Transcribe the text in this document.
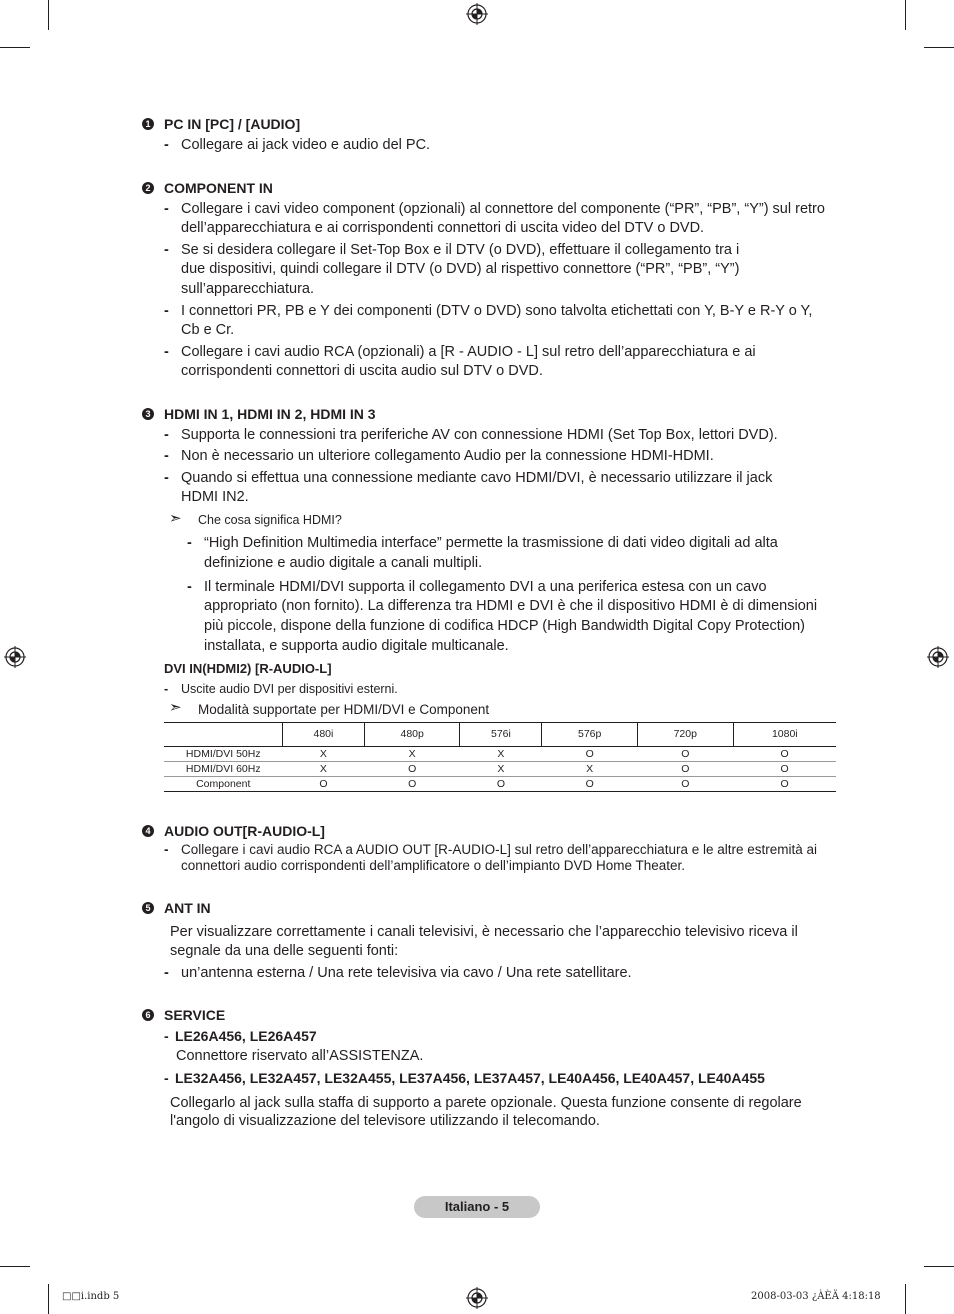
1 PC IN [PC] / [AUDIO]
- Collegare ai jack video e audio del PC.
2 COMPONENT IN
- Collegare i cavi video component (opzionali) al connettore del componente (“PR”, “PB”, “Y”) sul retro
dell’apparecchiatura e ai corrispondenti connettori di uscita video del DTV o DVD.
- Se si desidera collegare il Set-Top Box e il DTV (o DVD), effettuare il collegamento tra i
due dispositivi, quindi collegare il DTV (o DVD) al rispettivo connettore (“PR”, “PB”, “Y”)
sull’apparecchiatura.
- I connettori PR, PB e Y dei componenti (DTV o DVD) sono talvolta etichettati con Y, B-Y e R-Y o Y,
Cb e Cr.
- Collegare i cavi audio RCA (opzionali) a [R - AUDIO - L] sul retro dell’apparecchiatura e ai
corrispondenti connettori di uscita audio sul DTV o DVD.
3 HDMI IN 1, HDMI IN 2, HDMI IN 3
- Supporta le connessioni tra periferiche AV con connessione HDMI (Set Top Box, lettori DVD).
- Non è necessario un ulteriore collegamento Audio per la connessione HDMI-HDMI.
- Quando si effettua una connessione mediante cavo HDMI/DVI, è necessario utilizzare il jack
HDMI IN2.
➣ Che cosa significa HDMI?
- “High Definition Multimedia interface” permette la trasmissione di dati video digitali ad alta
definizione e audio digitale a canali multipli.
- Il terminale HDMI/DVI supporta il collegamento DVI a una periferica estesa con un cavo
appropriato (non fornito). La differenza tra HDMI e DVI è che il dispositivo HDMI è di dimensioni
più piccole, dispone della funzione di codifica HDCP (High Bandwidth Digital Copy Protection)
installata, e supporta audio digitale multicanale.
DVI IN(HDMI2) [R-AUDIO-L]
- Uscite audio DVI per dispositivi esterni.
➣ Modalità supportate per HDMI/DVI e Component
	480i	480p	576i	576p	720p	1080i
HDMI/DVI 50Hz	X	X	X	O	O	O
HDMI/DVI 60Hz	X	O	X	X	O	O
Component	O	O	O	O	O	O
4 AUDIO OUT[R-AUDIO-L]
- Collegare i cavi audio RCA a AUDIO OUT [R-AUDIO-L] sul retro dell’apparecchiatura e le altre estremità ai
connettori audio corrispondenti dell’amplificatore o dell’impianto DVD Home Theater.
5 ANT IN
Per visualizzare correttamente i canali televisivi, è necessario che l’apparecchio televisivo riceva il
segnale da una delle seguenti fonti:
- un’antenna esterna / Una rete televisiva via cavo / Una rete satellitare.
6 SERVICE
- LE26A456, LE26A457
Connettore riservato all’ASSISTENZA.
- LE32A456, LE32A457, LE32A455, LE37A456, LE37A457, LE40A456, LE40A457, LE40A455
Collegarlo al jack sulla staffa di supporto a parete opzionale. Questa funzione consente di regolare
l'angolo di visualizzazione del televisore utilizzando il telecomando.
Italiano - 5
□□i.indb 5	2008-03-03 ¿ÀÈÄ 4:18:18
